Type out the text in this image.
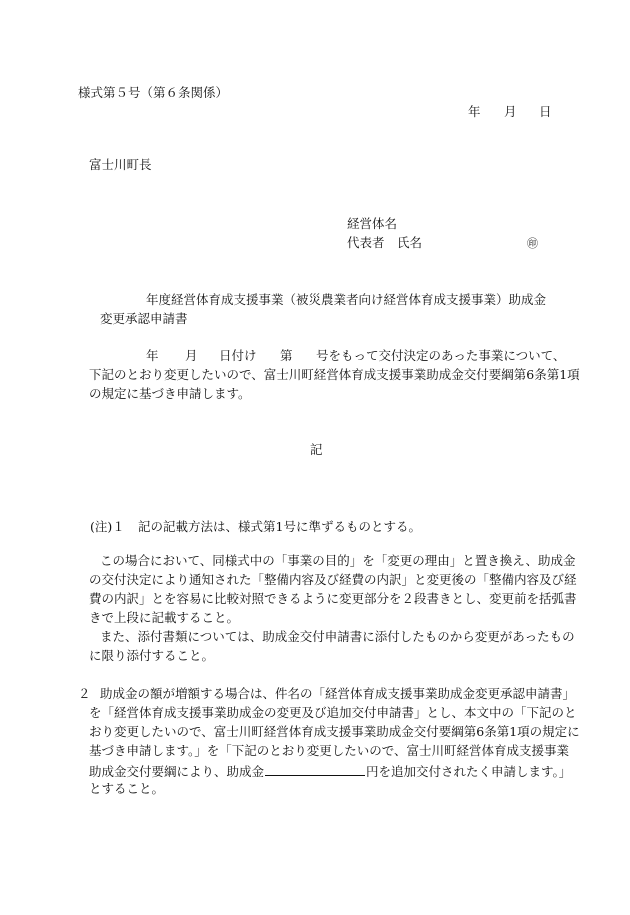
様式第５号（第６条関係）
年 月 日
富士川町長
経営体名
代表者　氏名	㊞
年度経営体育成支援事業（被災農業者向け経営体育成支援事業）助成金
変更承認申請書
年 月 日付け 第 号をもって交付決定のあった事業について、
下記のとおり変更したいので、富士川町経営体育成支援事業助成金交付要綱第6条第1項
の規定に基づき申請します。
記
(注)１ 記の記載方法は、様式第1号に準ずるものとする。
この場合において、同様式中の「事業の目的」を「変更の理由」と置き換え、助成金
の交付決定により通知された「整備内容及び経費の内訳」と変更後の「整備内容及び経
費の内訳」とを容易に比較対照できるように変更部分を２段書きとし、変更前を括弧書
きで上段に記載すること。
また、添付書類については、助成金交付申請書に添付したものから変更があったもの
に限り添付すること。
２ 助成金の額が増額する場合は、件名の「経営体育成支援事業助成金変更承認申請書」
を「経営体育成支援事業助成金の変更及び追加交付申請書」とし、本文中の「下記のと
おり変更したいので、富士川町経営体育成支援事業助成金交付要綱第6条第1項の規定に
基づき申請します。」を「下記のとおり変更したいので、富士川町経営体育成支援事業
助成金交付要綱により、助成金	円を追加交付されたく申請します。」
とすること。
